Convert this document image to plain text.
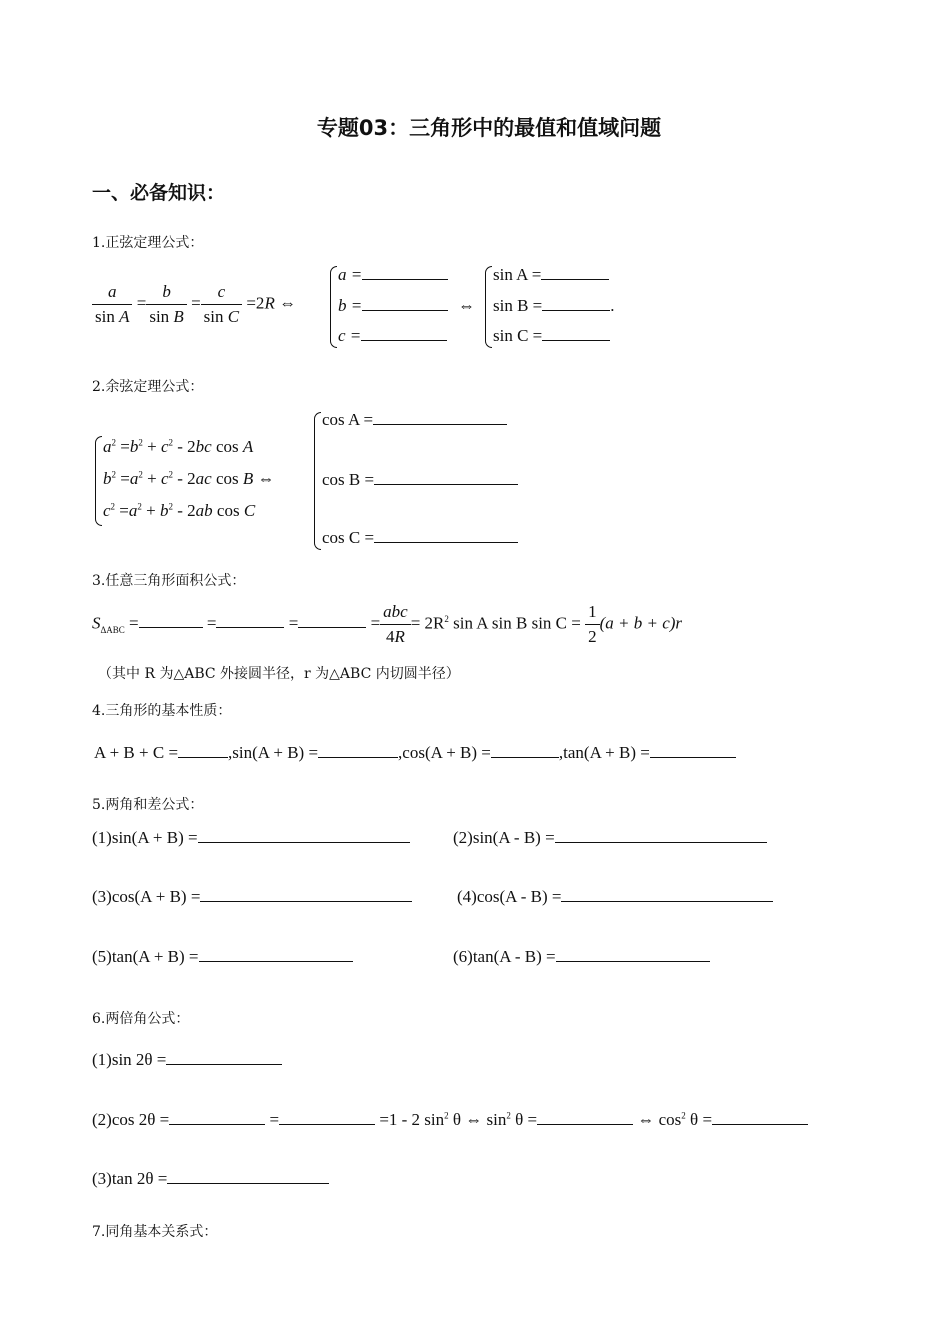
专题03：三角形中的最值和值域问题
一、必备知识：
1.正弦定理公式：
$\frac{a}{\text{sin A}} = \frac{b}{\text{sin B}} = \frac{c}{\text{sin C}} =2R$ ⇔
a =
b =
c =
⇔
sin A =
sin B =	.
sin C =
2.余弦定理公式：
$a^2 =b^2 + c^2 - 2bc$ cos A
$b^2 =a^2 + c^2 - 2ac$ cos B ⇔
$c^2 =a^2 + b^2 - 2ab$ cos C
cos A =
cos B =
cos C =
3.任意三角形面积公式：
$S_{\Delta ABC}$ =	=	=	= $\frac{\text{abc}}{4R} = 2R^2$ sin A sin B $\sin C = \frac{1}{2} (a + b + c)r$
（其中 R 为△ABC 外接圆半径，r 为△ABC 内切圆半径）
4.三角形的基本性质：
A + B + C =	,sin(A + B) =	,cos(A + B) =	,tan(A + B) =
5.两角和差公式：
(1)sin(A + B) =	(2)sin(A - B) =
(3)cos(A + B) =	(4)cos(A - B) =
(5)tan(A + B) =	(6)tan(A - B) =
6.两倍角公式：
(1)sin 2θ =
(2)cos 2θ =	=	=1 - 2 $\sin^2 \theta$ ⇔ $\sin^2 \theta$ =	⇔ $\cos^2 \theta$ =
(3)tan 2θ =
7.同角基本关系式：
